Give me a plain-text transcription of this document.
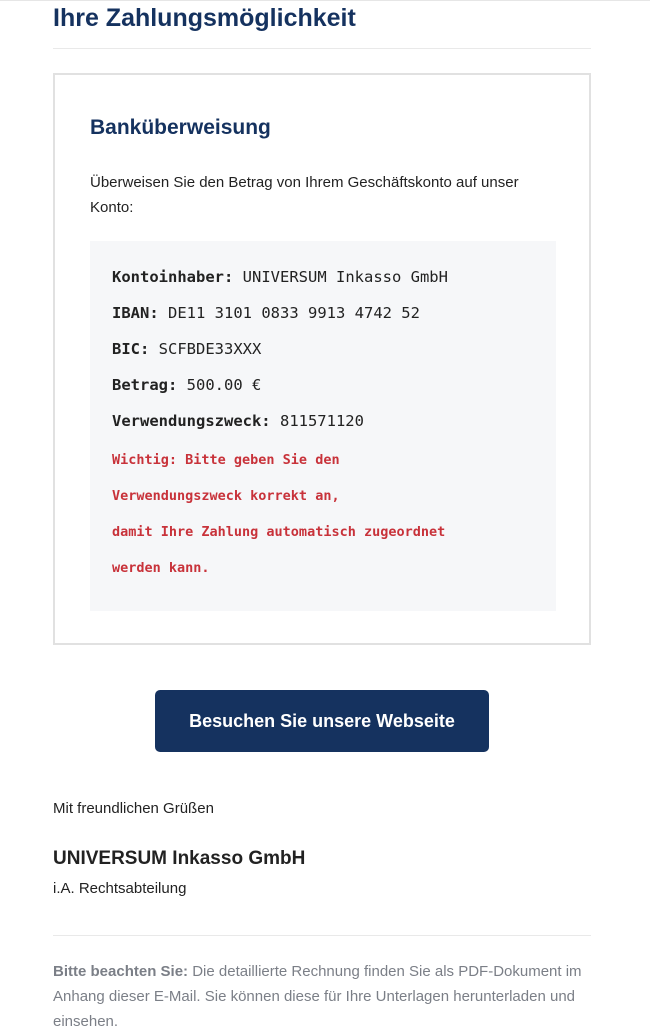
Ihre Zahlungsmöglichkeit
Banküberweisung
Überweisen Sie den Betrag von Ihrem Geschäftskonto auf unser Konto:
Kontoinhaber: UNIVERSUM Inkasso GmbH
IBAN: DE11 3101 0833 9913 4742 52
BIC: SCFBDE33XXX
Betrag: 500.00 €
Verwendungszweck: 811571120
Wichtig: Bitte geben Sie den
Verwendungszweck korrekt an,
damit Ihre Zahlung automatisch zugeordnet
werden kann.
Besuchen Sie unsere Webseite
Mit freundlichen Grüßen
UNIVERSUM Inkasso GmbH
i.A. Rechtsabteilung
Bitte beachten Sie: Die detaillierte Rechnung finden Sie als PDF-Dokument im Anhang dieser E-Mail. Sie können diese für Ihre Unterlagen herunterladen und einsehen.
